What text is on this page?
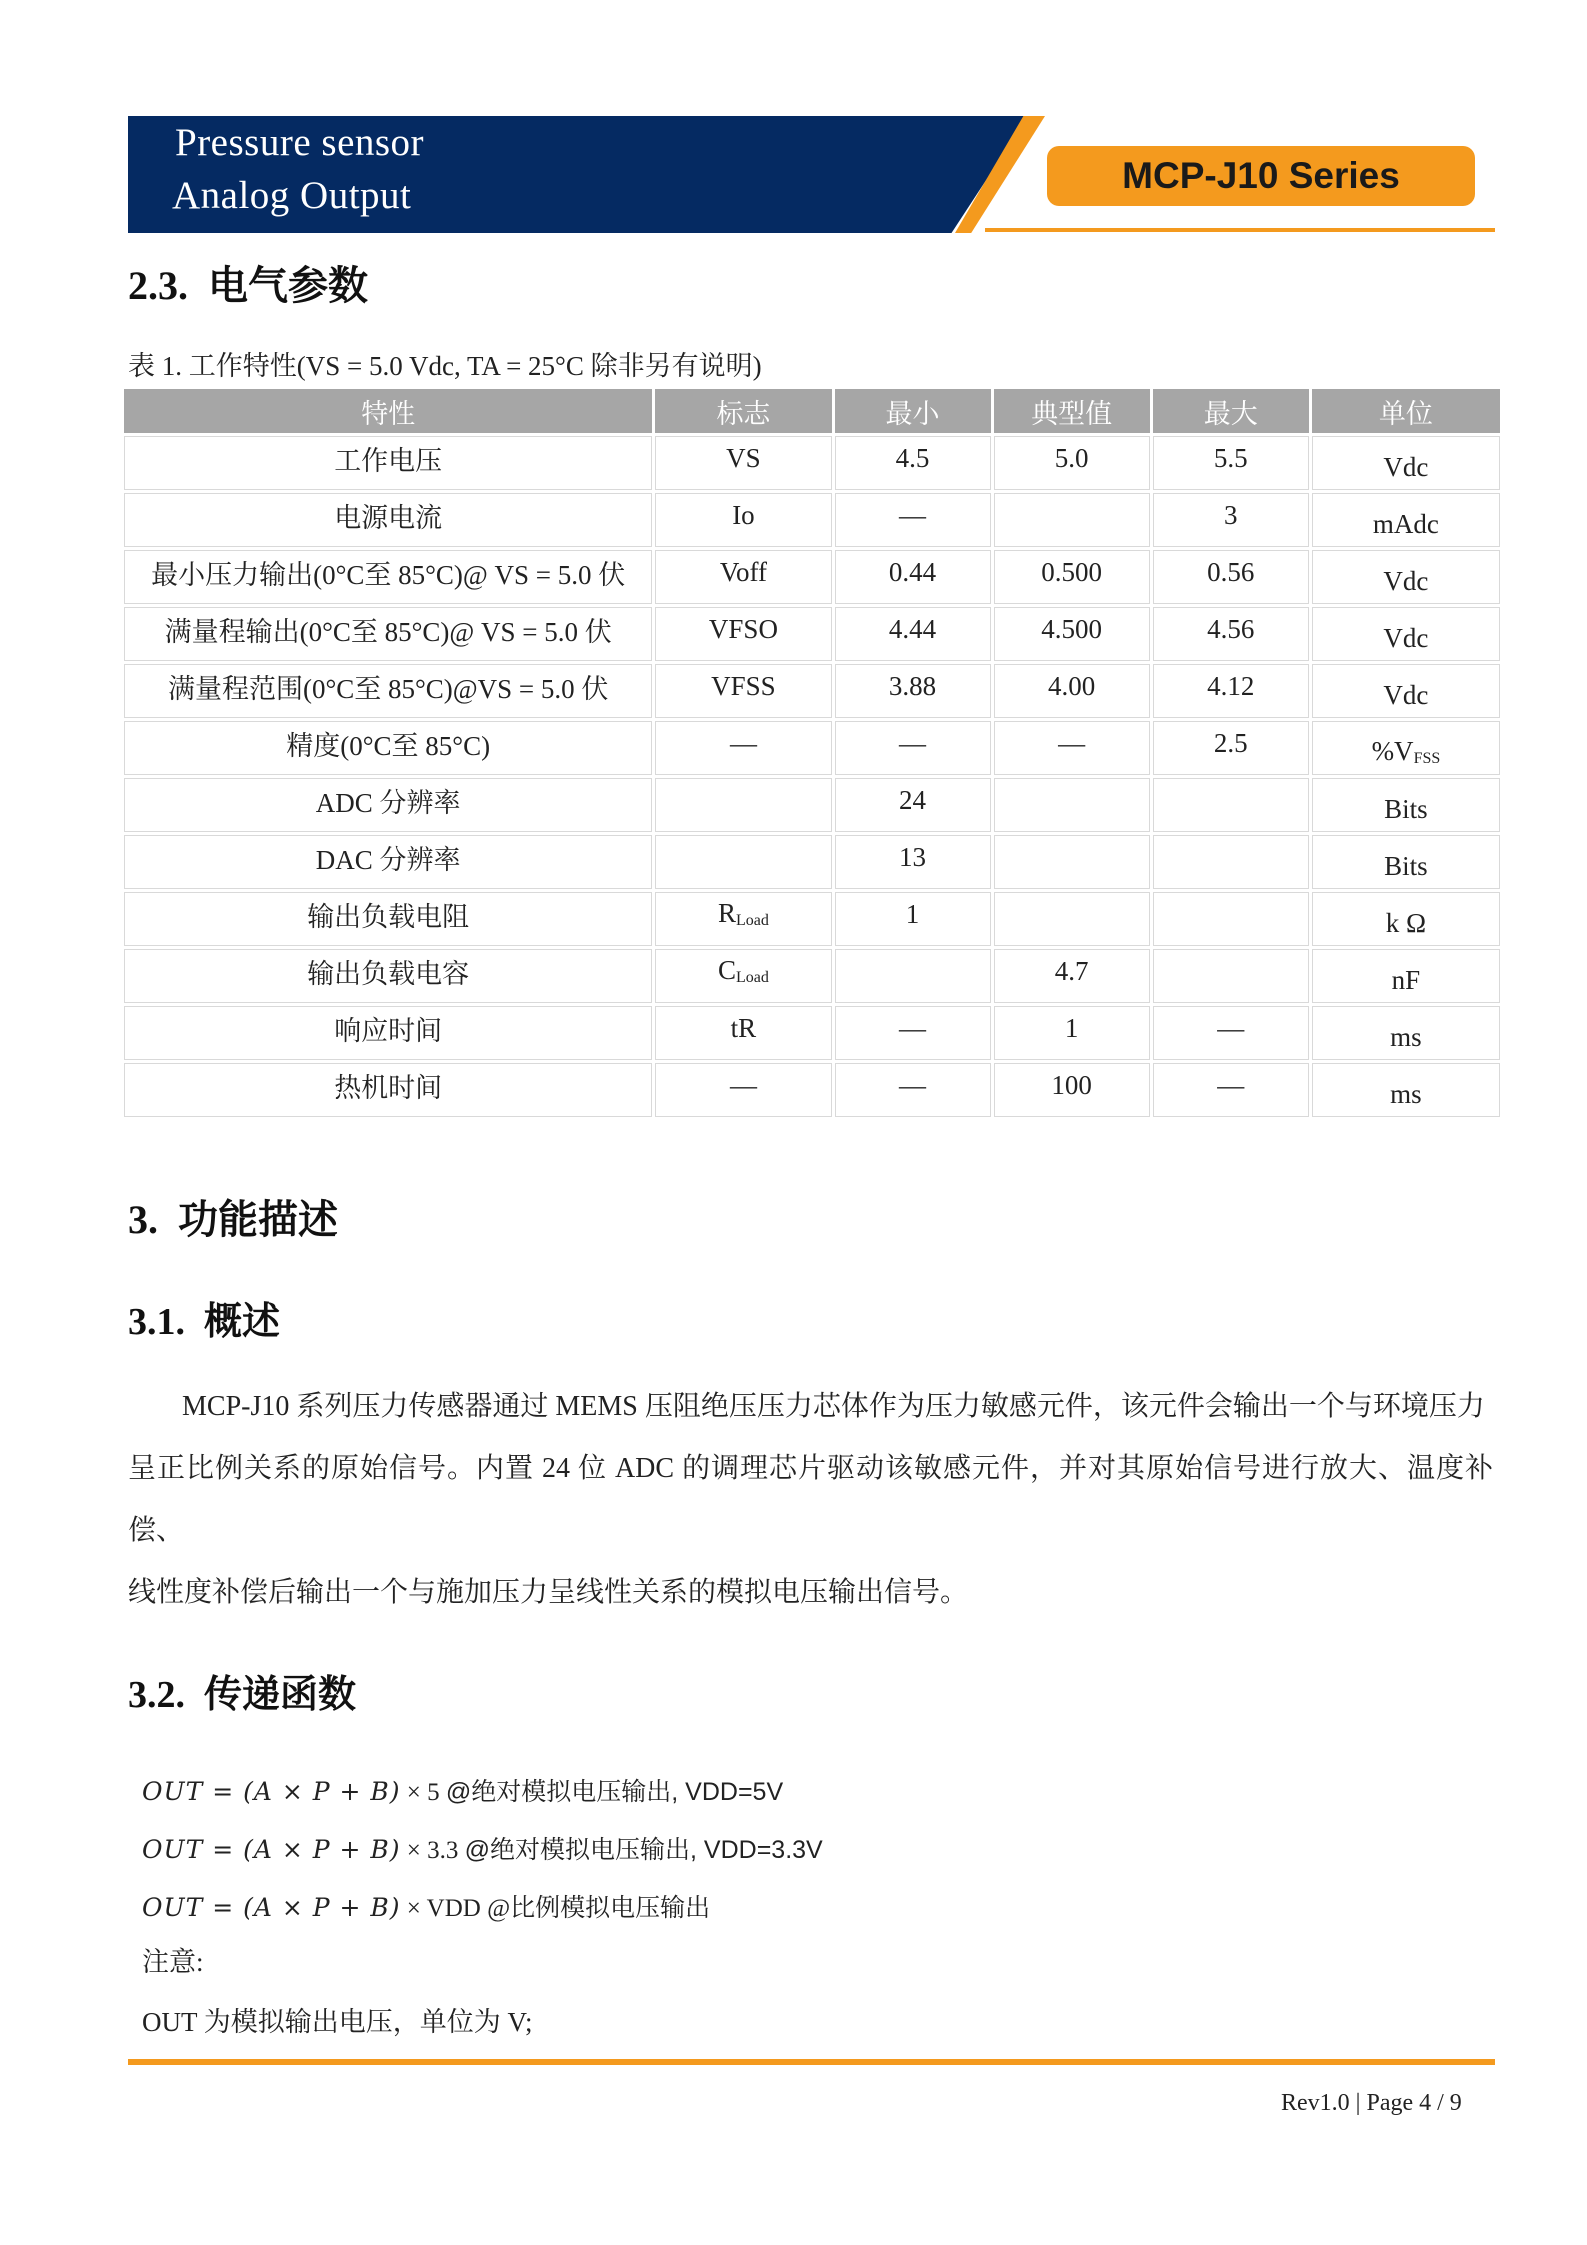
Pressure sensor
Analog Output	MCP-J10 Series
2.3. 电气参数
表 1. 工作特性(VS = 5.0 Vdc, TA = 25°C 除非另有说明)
特性	标志	最小	典型值	最大	单位
工作电压	VS	4.5	5.0	5.5	Vdc
电源电流	Io	—		3	mAdc
最小压力输出(0°C至 85°C)@ VS = 5.0 伏	Voff	0.44	0.500	0.56	Vdc
满量程输出(0°C至 85°C)@ VS = 5.0 伏	VFSO	4.44	4.500	4.56	Vdc
满量程范围(0°C至 85°C)@VS = 5.0 伏	VFSS	3.88	4.00	4.12	Vdc
精度(0°C至 85°C)	—	—	—	2.5	$\%V_{FSS}$
ADC 分辨率		24			Bits
DAC 分辨率		13			Bits
输出负载电阻	$R_{Load}$	1			k Ω
输出负载电容	$C_{Load}$		4.7		nF
响应时间	tR	—	1	—	ms
热机时间	—	—	100	—	ms
3. 功能描述
3.1. 概述

MCP-J10 系列压力传感器通过 MEMS 压阻绝压压力芯体作为压力敏感元件，该元件会输出一个与环境压力

呈正比例关系的原始信号。内置 24 位 ADC 的调理芯片驱动该敏感元件，并对其原始信号进行放大、温度补偿、

线性度补偿后输出一个与施加压力呈线性关系的模拟电压输出信号。

3.2. 传递函数
OUT = (A × P + B) × 5 @绝对模拟电压输出, VDD=5V
OUT = (A × P + B) × 3.3 @绝对模拟电压输出, VDD=3.3V
OUT = (A × P + B) × VDD @比例模拟电压输出
注意:
OUT 为模拟输出电压，单位为 V;
Rev1.0 | Page 4 / 9
